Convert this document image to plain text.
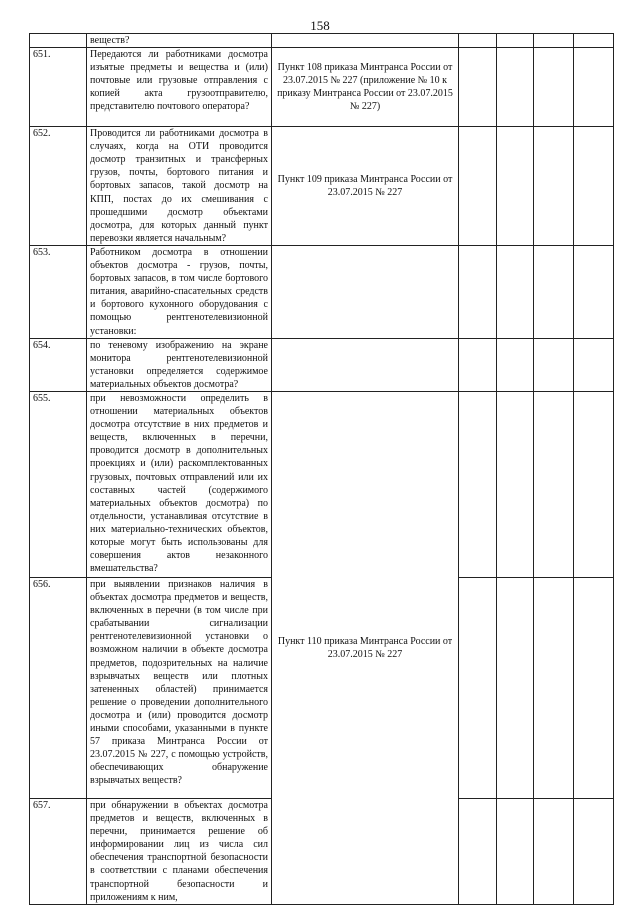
158
	веществ?					
651.	Передаются ли работниками досмотра изъятые предметы и вещества и (или) почтовые или грузовые отправления с копией акта грузоотправителю, представителю почтового оператора?	Пункт 108 приказа Минтранса России от 23.07.2015 № 227 (приложение № 10 к приказу Минтранса России от 23.07.2015 № 227)				
652.	Проводится ли работниками досмотра в случаях, когда на ОТИ проводится досмотр транзитных и трансферных грузов, почты, бортового питания и бортовых запасов, такой досмотр на КПП, постах до их смешивания с прошедшими досмотр объектами досмотра, для которых данный пункт перевозки является начальным?	Пункт 109 приказа Минтранса России от 23.07.2015 № 227				
653.	Работником досмотра в отношении объектов досмотра - грузов, почты, бортовых запасов, в том числе бортового питания, аварийно-спасательных средств и бортового кухонного оборудования с помощью рентгенотелевизионной установки:					
654.	по теневому изображению на экране монитора рентгенотелевизионной установки определяется содержимое материальных объектов досмотра?					
655.	при невозможности определить в отношении материальных объектов досмотра отсутствие в них предметов и веществ, включенных в перечни, проводится досмотр в дополнительных проекциях и (или) раскомплектованных грузовых, почтовых отправлений или их составных частей (содержимого материальных объектов досмотра) по отдельности, устанавливая отсутствие в них материально-технических объектов, которые могут быть использованы для совершения актов незаконного вмешательства?	Пункт 110 приказа Минтранса России от 23.07.2015 № 227				
656.	при выявлении признаков наличия в объектах досмотра предметов и веществ, включенных в перечни (в том числе при срабатывании сигнализации рентгенотелевизионной установки о возможном наличии в объекте досмотра предметов, подозрительных на наличие взрывчатых веществ или плотных затененных областей) принимается решение о проведении дополнительного досмотра и (или) проводится досмотр иными способами, указанными в пункте 57 приказа Минтранса России от 23.07.2015 № 227, с помощью устройств, обеспечивающих обнаружение взрывчатых веществ?					
657.	при обнаружении в объектах досмотра предметов и веществ, включенных в перечни, принимается решение об информировании лиц из числа сил обеспечения транспортной безопасности в соответствии с планами обеспечения транспортной безопасности и приложениям к ним,					
